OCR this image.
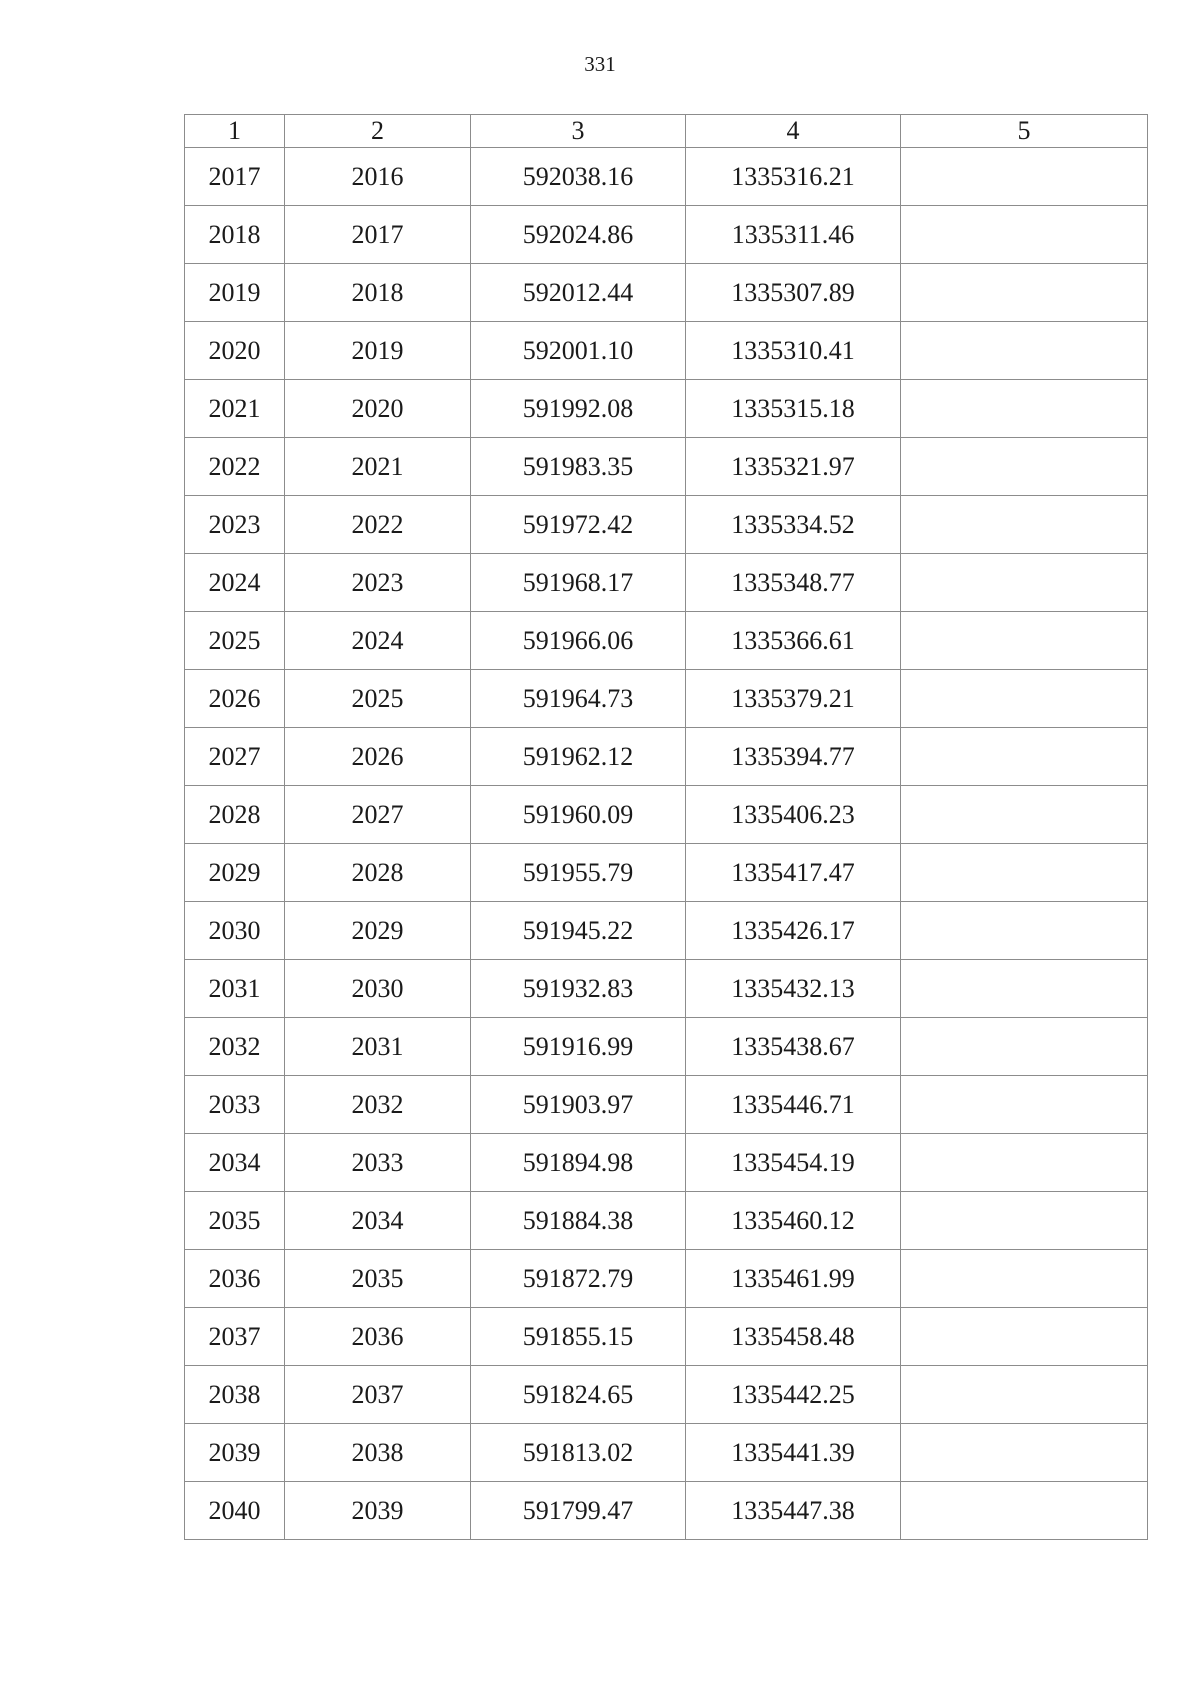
331
1	2	3	4	5
2017	2016	592038.16	1335316.21	
2018	2017	592024.86	1335311.46	
2019	2018	592012.44	1335307.89	
2020	2019	592001.10	1335310.41	
2021	2020	591992.08	1335315.18	
2022	2021	591983.35	1335321.97	
2023	2022	591972.42	1335334.52	
2024	2023	591968.17	1335348.77	
2025	2024	591966.06	1335366.61	
2026	2025	591964.73	1335379.21	
2027	2026	591962.12	1335394.77	
2028	2027	591960.09	1335406.23	
2029	2028	591955.79	1335417.47	
2030	2029	591945.22	1335426.17	
2031	2030	591932.83	1335432.13	
2032	2031	591916.99	1335438.67	
2033	2032	591903.97	1335446.71	
2034	2033	591894.98	1335454.19	
2035	2034	591884.38	1335460.12	
2036	2035	591872.79	1335461.99	
2037	2036	591855.15	1335458.48	
2038	2037	591824.65	1335442.25	
2039	2038	591813.02	1335441.39	
2040	2039	591799.47	1335447.38	
